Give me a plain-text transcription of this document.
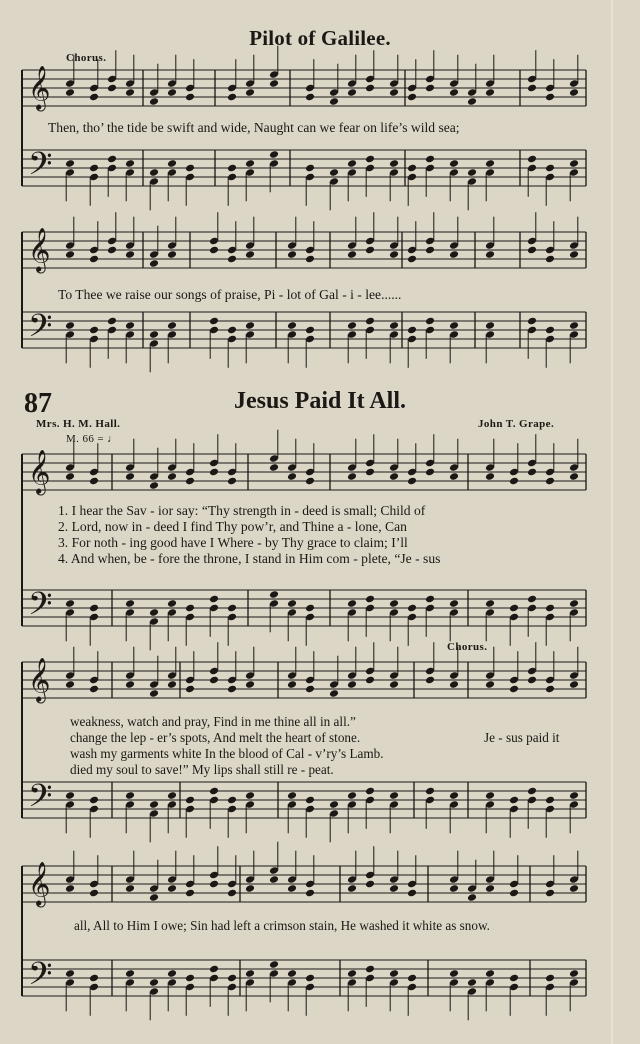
𝄞
𝄢
𝄞
𝄢
𝄞
𝄢
𝄞
𝄢
𝄞
𝄢
Pilot of Galilee.
Chorus.
Then, tho’ the tide be swift and wide, Naught can we fear on life’s wild sea;
To Thee we raise our songs of praise, Pi - lot of Gal - i - lee......
87	Jesus Paid It All.
Mrs. H. M. Hall.	John T. Grape.
M. 66 = ♩
1. I hear the Sav - ior say: “Thy strength in - deed is small; Child of
2. Lord, now in - deed I find Thy pow’r, and Thine a - lone, Can
3. For noth - ing good have I Where - by Thy grace to claim; I’ll
4. And when, be - fore the throne, I stand in Him com - plete, “Je - sus
Chorus.
weakness, watch and pray, Find in me thine all in all.”
change the lep - er’s spots, And melt the heart of stone.
wash my garments white In the blood of Cal - v’ry’s Lamb.
died my soul to save!” My lips shall still re - peat.
Je - sus paid it
all, All to Him I owe; Sin had left a crimson stain, He washed it white as snow.
